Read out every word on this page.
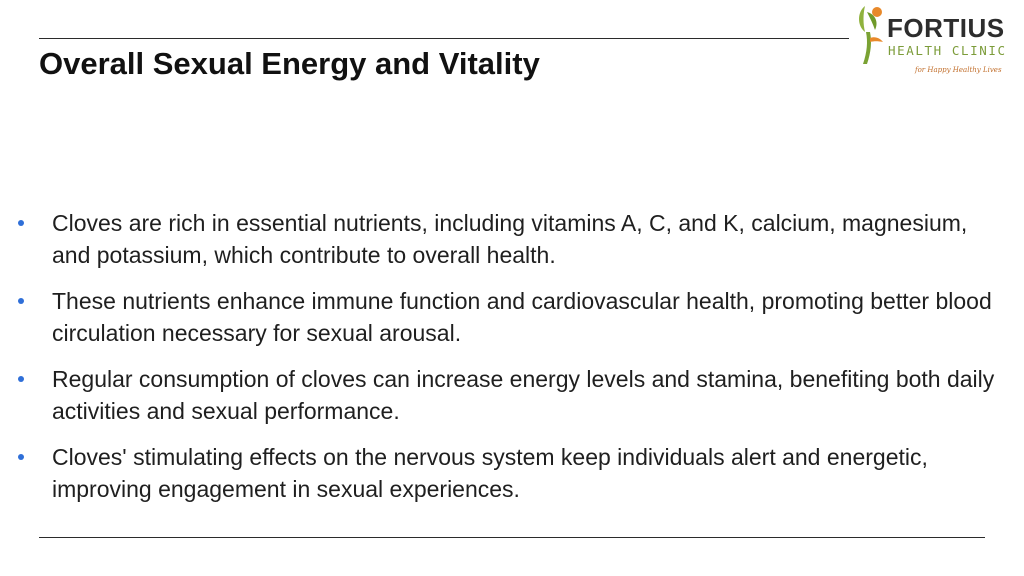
Overall Sexual Energy and Vitality
FORTIUS
HEALTH CLINIC
for Happy Healthy Lives
Cloves are rich in essential nutrients, including vitamins A, C, and K, calcium, magnesium, and potassium, which contribute to overall health.
These nutrients enhance immune function and cardiovascular health, promoting better blood circulation necessary for sexual arousal.
Regular consumption of cloves can increase energy levels and stamina, benefiting both daily activities and sexual performance.
Cloves' stimulating effects on the nervous system keep individuals alert and energetic, improving engagement in sexual experiences.
